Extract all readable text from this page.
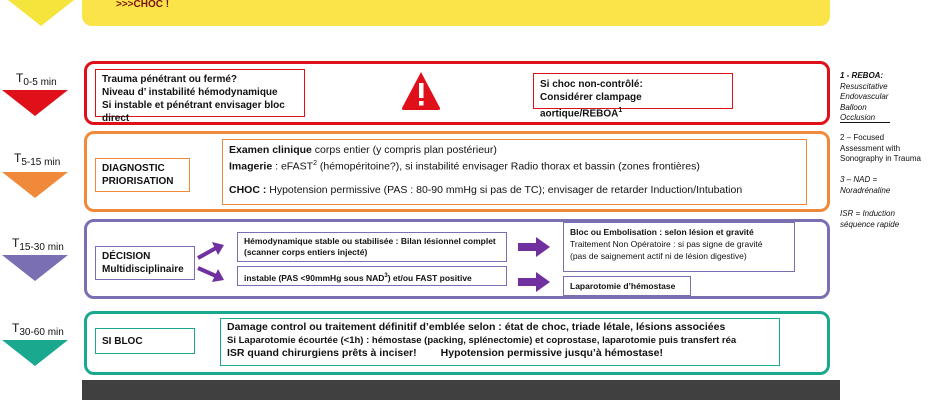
>>>CHOC !
$T_{0-5 min}$	Trauma pénétrant ou fermé?
Niveau d’ instabilité hémodynamique
Si instable et pénétrant envisager bloc direct
Si choc non-contrôlé:
Considérer clampage aortique/REBOA$^1$
$T_{5-15 min}$
DIAGNOSTIC
PRIORISATION
Examen clinique corps entier (y compris plan postérieur)
Imagerie : eFAST$^2$ (hémopéritoine?), si instabilité envisager Radio thorax et bassin (zones frontières)
CHOC : Hypotension permissive (PAS : 80-90 mmHg si pas de TC); envisager de retarder Induction/Intubation
$T_{15-30 min}$
DÉCISION
Multidisciplinaire
Hémodynamique stable ou stabilisée : Bilan lésionnel complet
(scanner corps entiers injecté)
instable (PAS <90mmHg sous NAD$^3$) et/ou FAST positive
Bloc ou Embolisation : selon lésion et gravité
Traitement Non Opératoire : si pas signe de gravité
(pas de saignement actif ni de lésion digestive)
Laparotomie d’hémostase
$T_{30-60 min}$
SI BLOC
Damage control ou traitement définitif d’emblée selon : état de choc, triade létale, lésions associées
Si Laparotomie écourtée (<1h) : hémostase (packing, splénectomie) et coprostase, laparotomie puis transfert réa
ISR quand chirurgiens prêts à inciser! Hypotension permissive jusqu’à hémostase!
1 - REBOA:
Resuscitative
Endovascular
Balloon
Occlusion
2 – Focused
Assessment with
Sonography in Trauma
3 – NAD =
Noradrénaline
ISR = Induction
séquence rapide
